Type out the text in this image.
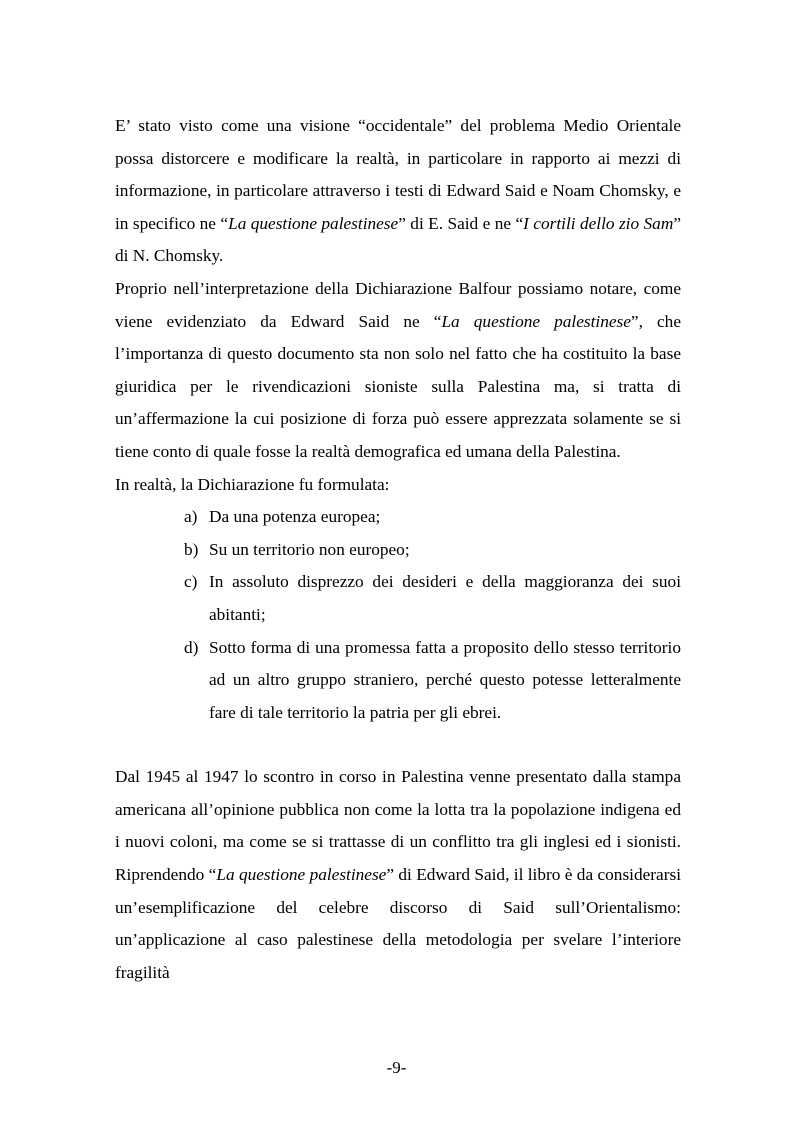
E’ stato visto come una visione “occidentale” del problema Medio Orientale possa distorcere e modificare la realtà, in particolare in rapporto ai mezzi di informazione, in particolare attraverso i testi di Edward Said e Noam Chomsky, e in specifico ne “La questione palestinese” di E. Said e ne “I cortili dello zio Sam” di N. Chomsky.

Proprio nell’interpretazione della Dichiarazione Balfour possiamo notare, come viene evidenziato da Edward Said ne “La questione palestinese”, che l’importanza di questo documento sta non solo nel fatto che ha costituito la base giuridica per le rivendicazioni sioniste sulla Palestina ma, si tratta di un’affermazione la cui posizione di forza può essere apprezzata solamente se si tiene conto di quale fosse la realtà demografica ed umana della Palestina.

In realtà, la Dichiarazione fu formulata:

a) Da una potenza europea;
b) Su un territorio non europeo;
c) In assoluto disprezzo dei desideri e della maggioranza dei suoi abitanti;
d) Sotto forma di una promessa fatta a proposito dello stesso territorio ad un altro gruppo straniero, perché questo potesse letteralmente fare di tale territorio la patria per gli ebrei.

Dal 1945 al 1947 lo scontro in corso in Palestina venne presentato dalla stampa americana all’opinione pubblica non come la lotta tra la popolazione indigena ed i nuovi coloni, ma come se si trattasse di un conflitto tra gli inglesi ed i sionisti. Riprendendo “La questione palestinese” di Edward Said, il libro è da considerarsi un’esemplificazione del celebre discorso di Said sull’Orientalismo: un’applicazione al caso palestinese della metodologia per svelare l’interiore fragilità

-9-
